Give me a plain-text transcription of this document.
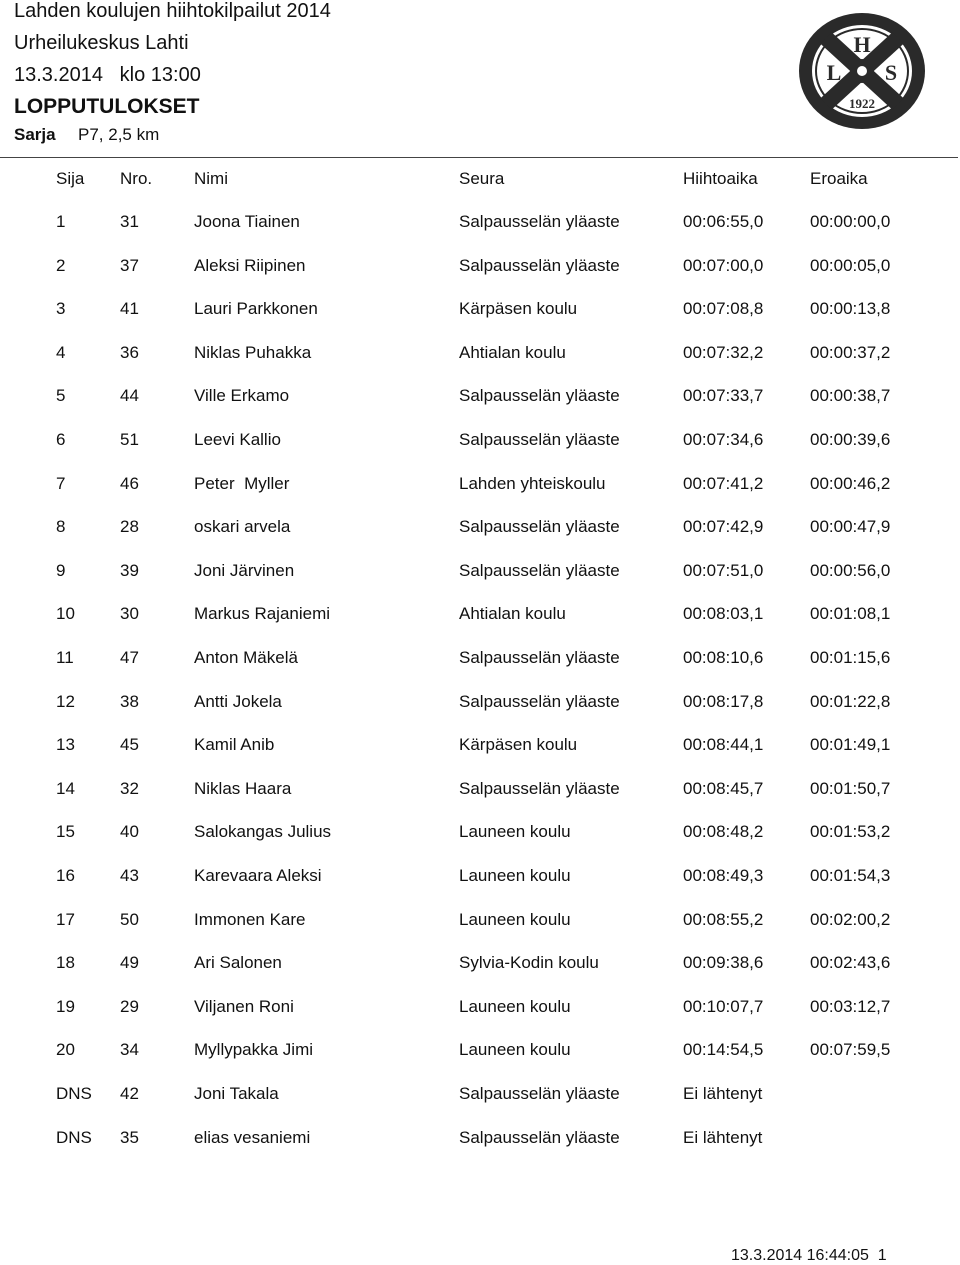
Lahden koulujen hiihtokilpailut 2014
Urheilukeskus Lahti
13.3.2014   klo 13:00
LOPPUTULOKSET
Sarja P7, 2,5 km
H
L S
1922
Sija Nro. Nimi	Seura	Hiihtoaika	Eroaika
1	31	Joona Tiainen	Salpausselän yläaste	00:06:55,0	00:00:00,0
2	37	Aleksi Riipinen	Salpausselän yläaste	00:07:00,0	00:00:05,0
3	41	Lauri Parkkonen	Kärpäsen koulu	00:07:08,8	00:00:13,8
4	36	Niklas Puhakka	Ahtialan koulu	00:07:32,2	00:00:37,2
5	44	Ville Erkamo	Salpausselän yläaste	00:07:33,7	00:00:38,7
6	51	Leevi Kallio	Salpausselän yläaste	00:07:34,6	00:00:39,6
7	46	Peter  Myller	Lahden yhteiskoulu	00:07:41,2	00:00:46,2
8	28	oskari arvela	Salpausselän yläaste	00:07:42,9	00:00:47,9
9	39	Joni Järvinen	Salpausselän yläaste	00:07:51,0	00:00:56,0
10	30	Markus Rajaniemi	Ahtialan koulu	00:08:03,1	00:01:08,1
11	47	Anton Mäkelä	Salpausselän yläaste	00:08:10,6	00:01:15,6
12	38	Antti Jokela	Salpausselän yläaste	00:08:17,8	00:01:22,8
13	45	Kamil Anib	Kärpäsen koulu	00:08:44,1	00:01:49,1
14	32	Niklas Haara	Salpausselän yläaste	00:08:45,7	00:01:50,7
15	40	Salokangas Julius	Launeen koulu	00:08:48,2	00:01:53,2
16	43	Karevaara Aleksi	Launeen koulu	00:08:49,3	00:01:54,3
17	50	Immonen Kare	Launeen koulu	00:08:55,2	00:02:00,2
18	49	Ari Salonen	Sylvia-Kodin koulu	00:09:38,6	00:02:43,6
19	29	Viljanen Roni	Launeen koulu	00:10:07,7	00:03:12,7
20	34	Myllypakka Jimi	Launeen koulu	00:14:54,5	00:07:59,5
DNS 42	Joni Takala	Salpausselän yläaste	Ei lähtenyt
DNS 35	elias vesaniemi	Salpausselän yläaste	Ei lähtenyt
13.3.2014 16:44:05 1
